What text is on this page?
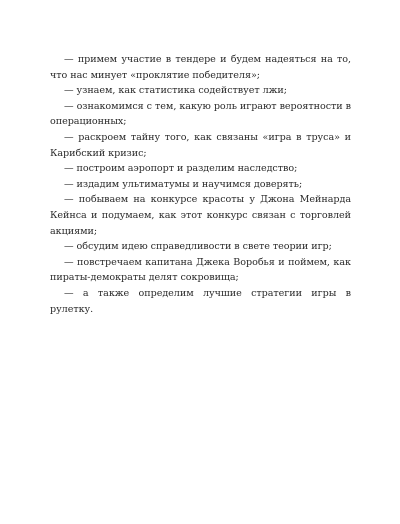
— примем участие в тендере и будем надеяться на то, что нас минует «проклятие победителя»;

— узнаем, как статистика содействует лжи;

— ознакомимся с тем, какую роль играют вероятности в операционных;

— раскроем тайну того, как связаны «игра в труса» и Карибский кризис;

— построим аэропорт и разделим наследство;

— издадим ультиматумы и научимся доверять;

— побываем на конкурсе красоты у Джона Мейнарда Кейнса и подумаем, как этот конкурс связан с торговлей акциями;

— обсудим идею справедливости в свете теории игр;

— повстречаем капитана Джека Воробья и поймем, как пираты-демократы делят сокровища;

— а также определим лучшие стратегии игры в рулетку.
